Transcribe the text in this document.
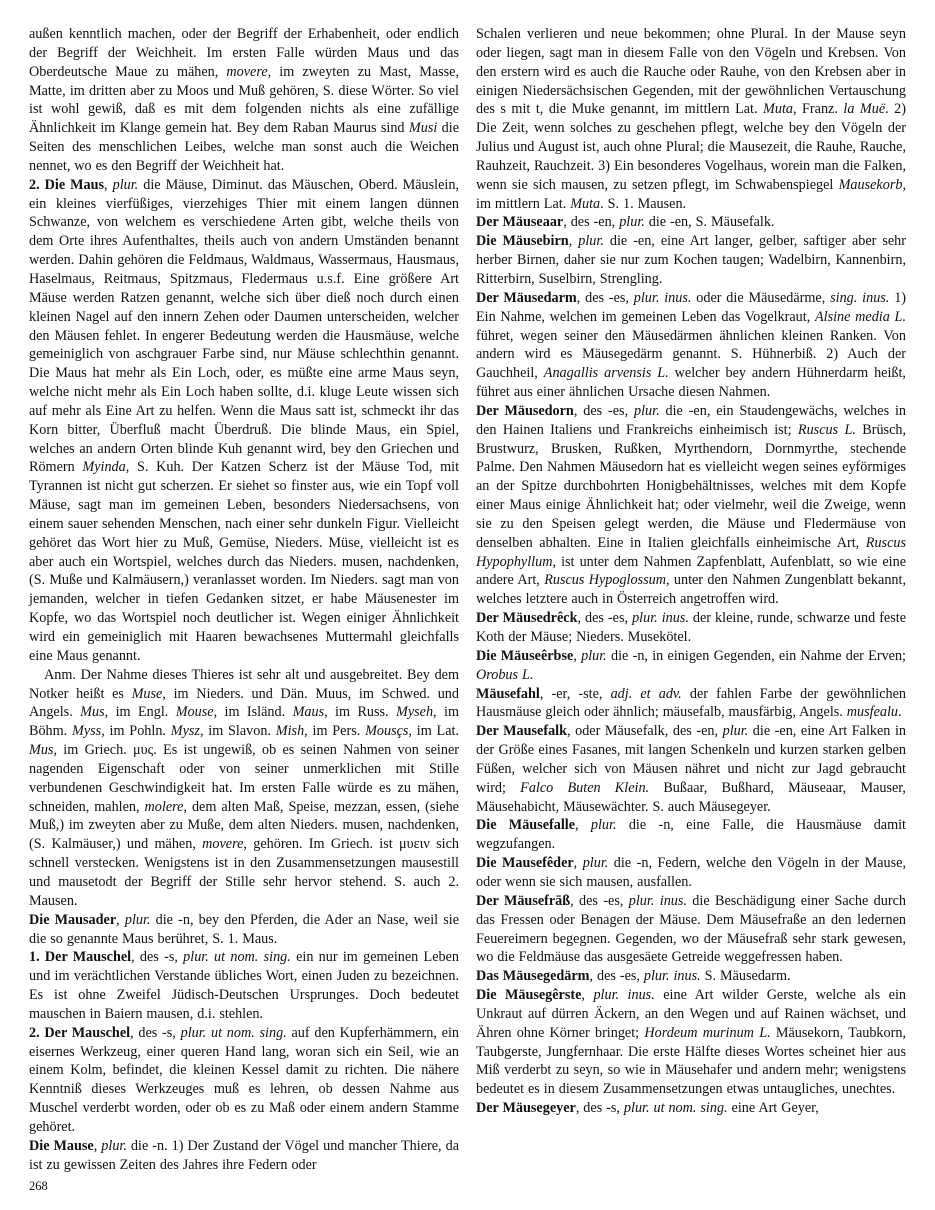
außen kenntlich machen, oder der Begriff der Erhabenheit, oder endlich der Begriff der Weichheit. Im ersten Falle würden Maus und das Oberdeutsche Maue zu mähen, movere, im zweyten zu Mast, Masse, Matte, im dritten aber zu Moos und Muß gehören, S. diese Wörter. So viel ist wohl gewiß, daß es mit dem folgenden nichts als eine zufällige Ähnlichkeit im Klange gemein hat. Bey dem Raban Maurus sind Musi die Seiten des menschlichen Leibes, welche man sonst auch die Weichen nennet, wo es den Begriff der Weichheit hat.

2. Die Maus, plur. die Mäuse, Diminut. das Mäuschen, Oberd. Mäuslein, ein kleines vierfüßiges, vierzehiges Thier mit einem langen dünnen Schwanze, von welchem es verschiedene Arten gibt, welche theils von dem Orte ihres Aufenthaltes, theils auch von andern Umständen benannt werden. Dahin gehören die Feldmaus, Waldmaus, Wassermaus, Hausmaus, Haselmaus, Reitmaus, Spitzmaus, Fledermaus u.s.f. Eine größere Art Mäuse werden Ratzen genannt, welche sich über dieß noch durch einen kleinen Nagel auf den innern Zehen oder Daumen unterscheiden, welcher den Mäusen fehlet. In engerer Bedeutung werden die Hausmäuse, welche gemeiniglich von aschgrauer Farbe sind, nur Mäuse schlechthin genannt. Die Maus hat mehr als Ein Loch, oder, es müßte eine arme Maus seyn, welche nicht mehr als Ein Loch haben sollte, d.i. kluge Leute wissen sich auf mehr als Eine Art zu helfen. Wenn die Maus satt ist, schmeckt ihr das Korn bitter, Überfluß macht Überdruß. Die blinde Maus, ein Spiel, welches an andern Orten blinde Kuh genannt wird, bey den Griechen und Römern Myinda, S. Kuh. Der Katzen Scherz ist der Mäuse Tod, mit Tyrannen ist nicht gut scherzen. Er siehet so finster aus, wie ein Topf voll Mäuse, sagt man im gemeinen Leben, besonders Niedersachsens, von einem sauer sehenden Menschen, nach einer sehr dunkeln Figur. Vielleicht gehöret das Wort hier zu Muß, Gemüse, Nieders. Müse, vielleicht ist es aber auch ein Wortspiel, welches durch das Nieders. musen, nachdenken, (S. Muße und Kalmäusern,) veranlasset worden. Im Nieders. sagt man von jemanden, welcher in tiefen Gedanken sitzet, er habe Mäusenester im Kopfe, wo das Wortspiel noch deutlicher ist. Wegen einiger Ähnlichkeit wird ein gemeiniglich mit Haaren bewachsenes Muttermahl gleichfalls eine Maus genannt.

Anm. Der Nahme dieses Thieres ist sehr alt und ausgebreitet. Bey dem Notker heißt es Muse, im Nieders. und Dän. Muus, im Schwed. und Angels. Mus, im Engl. Mouse, im Isländ. Maus, im Russ. Myseh, im Böhm. Myss, im Pohln. Mysz, im Slavon. Mish, im Pers. Mousçs, im Lat. Mus, im Griech. μυς. Es ist ungewiß, ob es seinen Nahmen von seiner nagenden Eigenschaft oder von seiner unmerklichen mit Stille verbundenen Geschwindigkeit hat. Im ersten Falle würde es zu mähen, schneiden, mahlen, molere, dem alten Maß, Speise, mezzan, essen, (siehe Muß,) im zweyten aber zu Muße, dem alten Nieders. musen, nachdenken, (S. Kalmäuser,) und mähen, movere, gehören. Im Griech. ist μυειν sich schnell verstecken. Wenigstens ist in den Zusammensetzungen mausestill und mausetodt der Begriff der Stille sehr hervor stehend. S. auch 2. Mausen.

Die Mausader, plur. die -n, bey den Pferden, die Ader an Nase, weil sie die so genannte Maus berühret, S. 1. Maus.

1. Der Mauschel, des -s, plur. ut nom. sing. ein nur im gemeinen Leben und im verächtlichen Verstande übliches Wort, einen Juden zu bezeichnen. Es ist ohne Zweifel Jüdisch-Deutschen Ursprunges. Doch bedeutet mauschen in Baiern mausen, d.i. stehlen.

2. Der Mauschel, des -s, plur. ut nom. sing. auf den Kupferhämmern, ein eisernes Werkzeug, einer queren Hand lang, woran sich ein Seil, wie an einem Kolm, befindet, die kleinen Kessel damit zu richten. Die nähere Kenntniß dieses Werkzeuges muß es lehren, ob dessen Nahme aus Muschel verderbt worden, oder ob es zu Maß oder einem andern Stamme gehöret.

Die Mause, plur. die -n. 1) Der Zustand der Vögel und mancher Thiere, da ist zu gewissen Zeiten des Jahres ihre Federn oder

Schalen verlieren und neue bekommen; ohne Plural. In der Mause seyn oder liegen, sagt man in diesem Falle von den Vögeln und Krebsen. Von den erstern wird es auch die Rauche oder Rauhe, von den Krebsen aber in einigen Niedersächsischen Gegenden, mit der gewöhnlichen Vertauschung des s mit t, die Muke genannt, im mittlern Lat. Muta, Franz. la Muë. 2) Die Zeit, wenn solches zu geschehen pflegt, welche bey den Vögeln der Julius und August ist, auch ohne Plural; die Mausezeit, die Rauhe, Rauche, Rauhzeit, Rauchzeit. 3) Ein besonderes Vogelhaus, worein man die Falken, wenn sie sich mausen, zu setzen pflegt, im Schwabenspiegel Mausekorb, im mittlern Lat. Muta. S. 1. Mausen.

Der Mäuseaar, des -en, plur. die -en, S. Mäusefalk.

Die Mäusebirn, plur. die -en, eine Art langer, gelber, saftiger aber sehr herber Birnen, daher sie nur zum Kochen taugen; Wadelbirn, Kannenbirn, Ritterbirn, Suselbirn, Strengling.

Der Mäusedarm, des -es, plur. inus. oder die Mäusedärme, sing. inus. 1) Ein Nahme, welchen im gemeinen Leben das Vogelkraut, Alsine media L. führet, wegen seiner den Mäusedärmen ähnlichen kleinen Ranken. Von andern wird es Mäusegedärm genannt. S. Hühnerbiß. 2) Auch der Gauchheil, Anagallis arvensis L. welcher bey andern Hühnerdarm heißt, führet aus einer ähnlichen Ursache diesen Nahmen.

Der Mäusedorn, des -es, plur. die -en, ein Staudengewächs, welches in den Hainen Italiens und Frankreichs einheimisch ist; Ruscus L. Brüsch, Brustwurz, Brusken, Rußken, Myrthendorn, Dornmyrthe, stechende Palme. Den Nahmen Mäusedorn hat es vielleicht wegen seines eyförmiges an der Spitze durchbohrten Honigbehältnisses, welches mit dem Kopfe einer Maus einige Ähnlichkeit hat; oder vielmehr, weil die Zweige, wenn sie zu den Speisen gelegt werden, die Mäuse und Fledermäuse von denselben abhalten. Eine in Italien gleichfalls einheimische Art, Ruscus Hypophyllum, ist unter dem Nahmen Zapfenblatt, Aufenblatt, so wie eine andere Art, Ruscus Hypoglossum, unter den Nahmen Zungenblatt bekannt, welches letztere auch in Österreich angetroffen wird.

Der Mäusedrêck, des -es, plur. inus. der kleine, runde, schwarze und feste Koth der Mäuse; Nieders. Musekötel.

Die Mäuseêrbse, plur. die -n, in einigen Gegenden, ein Nahme der Erven; Orobus L.

Mäusefahl, -er, -ste, adj. et adv. der fahlen Farbe der gewöhnlichen Hausmäuse gleich oder ähnlich; mäusefalb, mausfärbig, Angels. musfealu.

Der Mausefalk, oder Mäusefalk, des -en, plur. die -en, eine Art Falken in der Größe eines Fasanes, mit langen Schenkeln und kurzen starken gelben Füßen, welcher sich von Mäusen nähret und nicht zur Jagd gebraucht wird; Falco Buten Klein. Bußaar, Bußhard, Mäuseaar, Mauser, Mäusehabicht, Mäusewächter. S. auch Mäusegeyer.

Die Mäusefalle, plur. die -n, eine Falle, die Hausmäuse damit wegzufangen.

Die Mausefêder, plur. die -n, Federn, welche den Vögeln in der Mause, oder wenn sie sich mausen, ausfallen.

Der Mäusefrāß, des -es, plur. inus. die Beschädigung einer Sache durch das Fressen oder Benagen der Mäuse. Dem Mäusefraße an den ledernen Feuereimern begegnen. Gegenden, wo der Mäusefraß sehr stark gewesen, wo die Feldmäuse das ausgesäete Getreide weggefressen haben.

Das Mäusegedärm, des -es, plur. inus. S. Mäusedarm.

Die Mäusegêrste, plur. inus. eine Art wilder Gerste, welche als ein Unkraut auf dürren Äckern, an den Wegen und auf Rainen wächset, und Ähren ohne Körner bringet; Hordeum murinum L. Mäusekorn, Taubkorn, Taubgerste, Jungfernhaar. Die erste Hälfte dieses Wortes scheinet hier aus Miß verderbt zu seyn, so wie in Mäusehafer und andern mehr; wenigstens bedeutet es in diesem Zusammensetzungen etwas untaugliches, unechtes.

Der Mäusegeyer, des -s, plur. ut nom. sing. eine Art Geyer,

268
